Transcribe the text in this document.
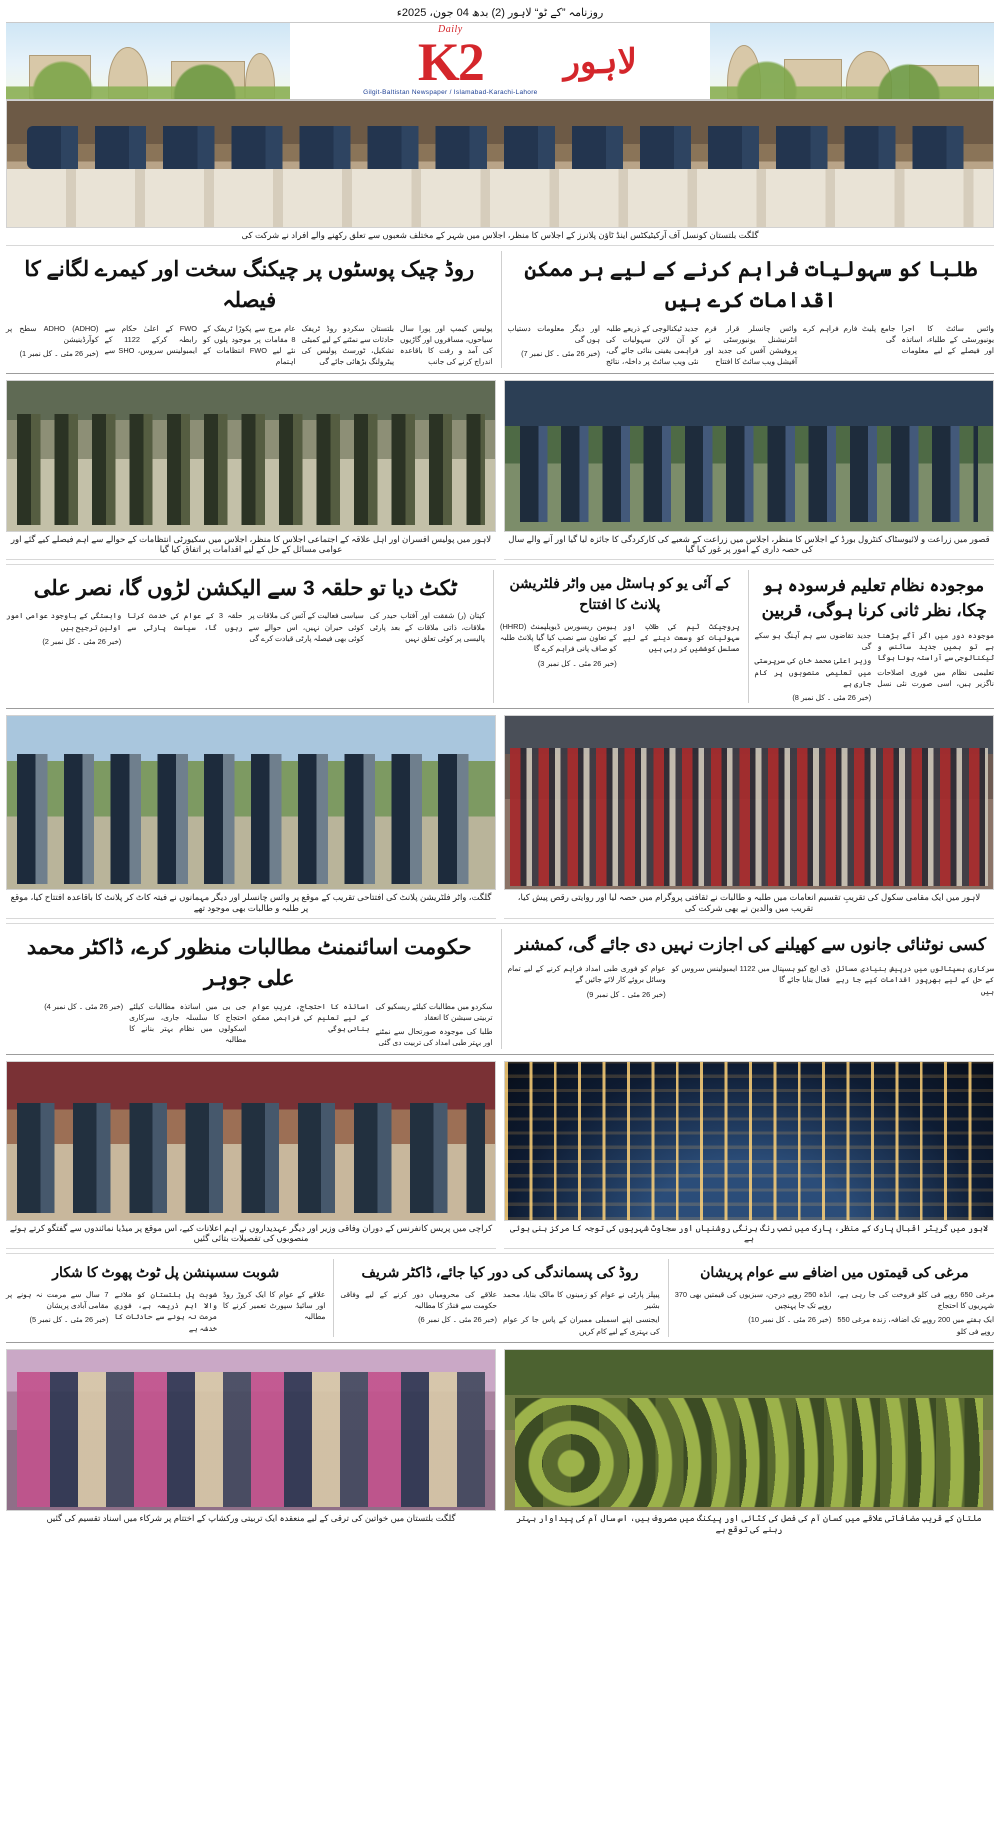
روزنامہ ”کے ٹو“ لاہور (2) بدھ 04 جون، 2025ء
لاہور
Daily
K2
Gilgit-Baltistan Newspaper / Islamabad-Karachi-Lahore
گلگت بلتستان کونسل آف آرکیٹیکٹس اینڈ ٹاؤن پلانرز کے اجلاس کا منظر، اجلاس میں شہر کے مختلف شعبوں سے تعلق رکھنے والے افراد نے شرکت کی
طلبا کو سہولیات فراہم کرنے کے لیے ہر ممکن اقدامات کرے ہیں

وائس سائٹ کا اجرا یونیورسٹی کے طلباء، اساتذہ اور فیصلے کے لیے معلومات جامع پلیٹ فارم فراہم کرے گی

وائس چانسلر قرار قرم انٹرنیشنل یونیورسٹی نے پروفیشن آفس کی جدید اور آفیشل ویب سائٹ کا افتتاح

جدید ٹیکنالوجی کے ذریعے طلبہ کو آن لائن سہولیات کی فراہمی یقینی بنائی جائے گی، نئی ویب سائٹ پر داخلہ، نتائج اور دیگر معلومات دستیاب ہوں گی

(خبر 26 مئی ۔ کل نمبر 7)

روڈ چیک پوسٹوں پر چیکنگ سخت اور کیمرے لگانے کا فیصلہ

پولیس کیمپ اور پورا سال سیاحوں، مسافروں اور گاڑیوں کی آمد و رفت کا باقاعدہ اندراج کرنے کی جانب

بلتستان سکردو روڈ ٹریفک حادثات سے نمٹنے کے لیے کمیٹی تشکیل، ٹورسٹ پولیس کی پیٹرولنگ بڑھائی جائے گی

عام مرچ سے پکوڑا ٹریفک کے 8 مقامات پر موجود پلوں کو نئے لیے FWO انتظامات کے اہتمام

FWO کے اعلیٰ حکام سے رابطہ کرکے 1122 کے ایمبولینس سروس، SHO سے ADHO (ADHO) سطح پر کوآرڈینیشن

(خبر 26 مئی ۔ کل نمبر 1)

قصور میں زراعت و لائیوسٹاک کنٹرول بورڈ کے اجلاس کا منظر، اجلاس میں زراعت کے شعبے کی کارکردگی کا جائزہ لیا گیا اور آنے والے سال کی حصہ داری کے امور پر غور کیا گیا
لاہور میں پولیس افسران اور اہل علاقہ کے اجتماعی اجلاس کا منظر، اجلاس میں سکیورٹی انتظامات کے حوالے سے اہم فیصلے کیے گئے اور عوامی مسائل کے حل کے لیے اقدامات پر اتفاق کیا گیا
موجودہ نظام تعلیم فرسودہ ہو چکا، نظر ثانی کرنا ہوگی، قربین

موجودہ دور میں اگر آگے بڑھنا ہے تو ہمیں جدید سائنس و ٹیکنالوجی سے آراستہ ہونا ہوگا

تعلیمی نظام میں فوری اصلاحات ناگزیر ہیں، اسی صورت نئی نسل جدید تقاضوں سے ہم آہنگ ہو سکے گی

وزیر اعلیٰ محمد خان کی سرپرستی میں تعلیمی منصوبوں پر کام جاری ہے

(خبر 26 مئی ۔ کل نمبر 8)

کے آئی یو کو ہاسٹل میں واٹر فلٹریشن پلانٹ کا افتتاح

پروجیکٹ ٹیم کی طلاب اور سہولیات کو وسعت دینے کے لیے مسلسل کوششیں کر رہی ہیں

ہیومن ریسورس ڈیویلپمنٹ (HHRD) کے تعاون سے نصب کیا گیا پلانٹ طلبہ کو صاف پانی فراہم کرے گا

(خبر 26 مئی ۔ کل نمبر 3)

ٹکٹ دیا تو حلقہ 3 سے الیکشن لڑوں گا، نصر علی

کپتان (ر) شفقت اور آفتاب حیدر کی ملاقات، ذاتی ملاقات کے بعد پارٹی پالیسی پر کوئی تعلق نہیں

سیاسی فعالیت کے آئس کی ملاقات پر کوئی حیران نہیں، اس حوالے سے کوئی بھی فیصلہ پارٹی قیادت کرے گی

حلقہ 3 کے عوام کی خدمت کرتا رہوں گا، سیاست پارٹی سے وابستگی کے باوجود عوامی امور اولین ترجیح ہیں

(خبر 26 مئی ۔ کل نمبر 2)

لاہور میں ایک مقامی سکول کی تقریبِ تقسیم انعامات میں طلبہ و طالبات نے ثقافتی پروگرام میں حصہ لیا اور روایتی رقص پیش کیا، تقریب میں والدین نے بھی شرکت کی
گلگت، واٹر فلٹریشن پلانٹ کی افتتاحی تقریب کے موقع پر وائس چانسلر اور دیگر مہمانوں نے فیتہ کاٹ کر پلانٹ کا باقاعدہ افتتاح کیا، موقع پر طلبہ و طالبات بھی موجود تھے
کسی نوٹنائی جانوں سے کھیلنے کی اجازت نہیں دی جائے گی، کمشنر

سرکاری ہسپتالوں میں درپیش بنیادی مسائل کے حل کے لیے بھرپور اقدامات کیے جا رہے ہیں

ڈی ایچ کیو ہسپتال میں 1122 ایمبولینس سروس کو فعال بنایا جائے گا

عوام کو فوری طبی امداد فراہم کرنے کے لیے تمام وسائل بروئے کار لائے جائیں گے

(خبر 26 مئی ۔ کل نمبر 9)

حکومت اسائنمنٹ مطالبات منظور کرے، ڈاکٹر محمد علی جوہر

سکردو میں مطالبات کیلئے ریسکیو کی تربیتی سیشن کا انعقاد

طلبا کی موجودہ صورتحال سے نمٹنے اور بہتر طبی امداد کی تربیت دی گئی

اساتذہ کا احتجاج، غریب عوام کے لیے تعلیم کی فراہمی ممکن بنانی ہوگی

جی بی میں اساتذہ مطالبات کیلئے احتجاج کا سلسلہ جاری، سرکاری اسکولوں میں نظام بہتر بنانے کا مطالبہ

(خبر 26 مئی ۔ کل نمبر 4)

لاہور میں گریٹر اقبال پارک کے منظر، پارک میں نصب رنگ برنگی روشنیاں اور سجاوٹ شہریوں کی توجہ کا مرکز بنی ہوئی ہے
کراچی میں پریس کانفرنس کے دوران وفاقی وزیر اور دیگر عہدیداروں نے اہم اعلانات کیے، اس موقع پر میڈیا نمائندوں سے گفتگو کرتے ہوئے منصوبوں کی تفصیلات بتائی گئیں
مرغی کی قیمتوں میں اضافے سے عوام پریشان

مرغی 650 روپے فی کلو فروخت کی جا رہی ہے، شہریوں کا احتجاج

ایک ہفتے میں 200 روپے تک اضافہ، زندہ مرغی 550 روپے فی کلو

انڈہ 250 روپے درجن، سبزیوں کی قیمتیں بھی 370 روپے تک جا پہنچیں

(خبر 26 مئی ۔ کل نمبر 10)

روڈ کی پسماندگی کی دور کیا جائے، ڈاکٹر شریف

پیپلز پارٹی نے عوام کو زمینوں کا مالک بنایا، محمد بشیر

ایجنسی اپنے اسمبلی ممبران کے پاس جا کر عوام کی بہتری کے لیے کام کریں

علاقے کی محرومیاں دور کرنے کے لیے وفاقی حکومت سے فنڈز کا مطالبہ

(خبر 26 مئی ۔ کل نمبر 6)

شوبت سسپنشن پل ٹوٹ پھوٹ کا شکار

علاقے کے عوام کا ایک کروڑ روڈ اور سائیڈ سپورٹ تعمیر کرنے کا مطالبہ

شوبت پل بلتستان کو ملانے والا اہم ذریعہ ہے، فوری مرمت نہ ہونے سے حادثات کا خدشہ ہے

7 سال سے مرمت نہ ہونے پر مقامی آبادی پریشان

(خبر 26 مئی ۔ کل نمبر 5)

ملتان کے قریب مضافاتی علاقے میں کسان آم کی فصل کی کٹائی اور پیکنگ میں مصروف ہیں، اس سال آم کی پیداوار بہتر رہنے کی توقع ہے
گلگت بلتستان میں خواتین کی ترقی کے لیے منعقدہ ایک تربیتی ورکشاپ کے اختتام پر شرکاء میں اسناد تقسیم کی گئیں
